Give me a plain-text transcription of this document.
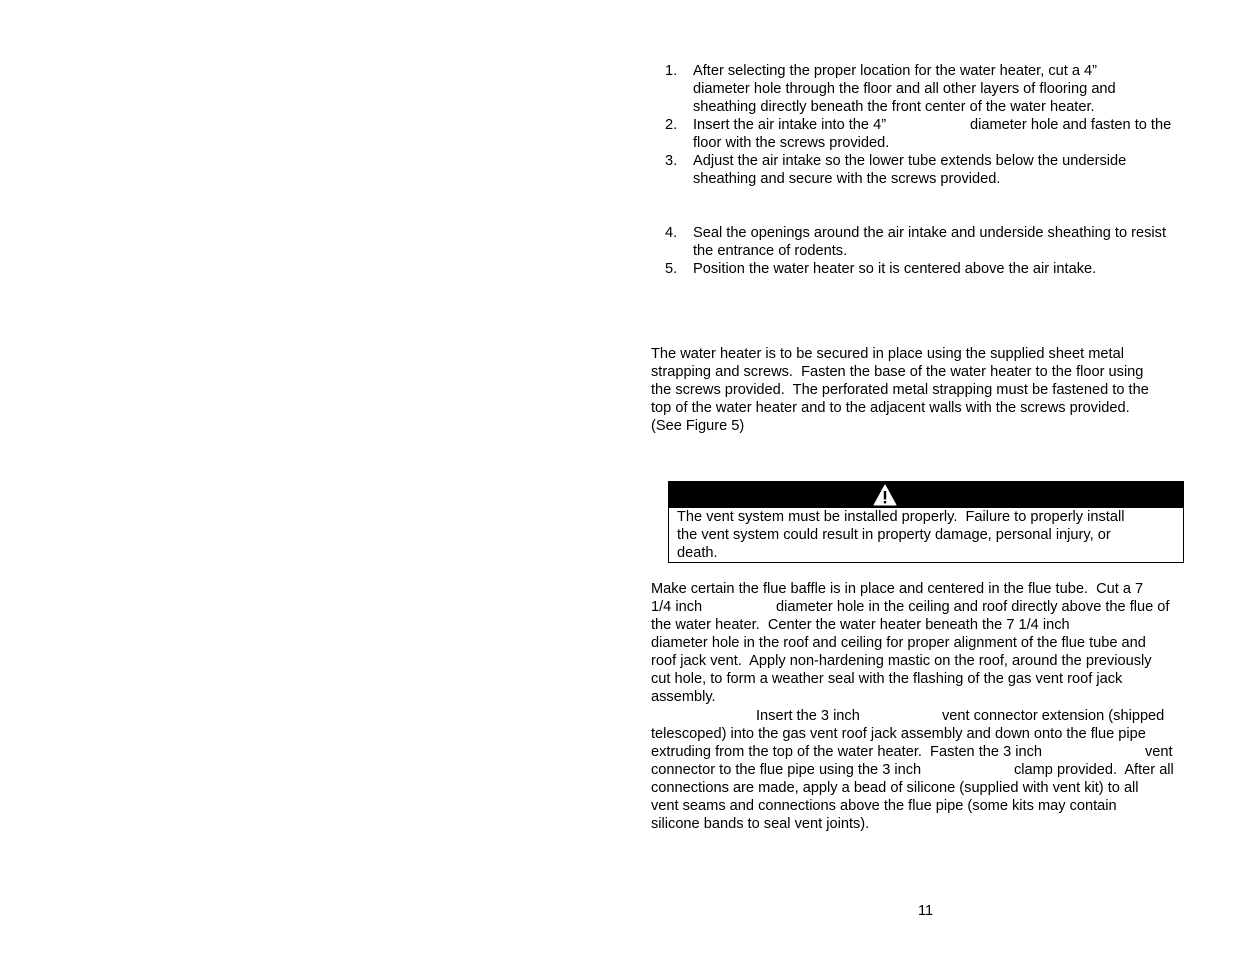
1. After selecting the proper location for the water heater, cut a 4”
diameter hole through the floor and all other layers of flooring and
sheathing directly beneath the front center of the water heater.
2.

Insert the air intake into the 4”

	diameter hole and fasten to the

floor with the screws provided.
3. Adjust the air intake so the lower tube extends below the underside
sheathing and secure with the screws provided.
4. Seal the openings around the air intake and underside sheathing to resist
the entrance of rodents.
5. Position the water heater so it is centered above the air intake.
The water heater is to be secured in place using the supplied sheet metal
strapping and screws.  Fasten the base of the water heater to the floor using
the screws provided.  The perforated metal strapping must be fastened to the
top of the water heater and to the adjacent walls with the screws provided.
(See Figure 5)
The vent system must be installed properly.  Failure to properly install
the vent system could result in property damage, personal injury, or
death.
Make certain the flue baffle is in place and centered in the flue tube.  Cut a 7

1/4 inch

	diameter hole in the ceiling and roof directly above the flue of

the water heater.  Center the water heater beneath the 7 1/4 inch
diameter hole in the roof and ceiling for proper alignment of the flue tube and
roof jack vent.  Apply non-hardening mastic on the roof, around the previously
cut hole, to form a weather seal with the flashing of the gas vent roof jack
assembly.

Insert the 3 inch

	vent connector extension (shipped

telescoped) into the gas vent roof jack assembly and down onto the flue pipe

extruding from the top of the water heater.  Fasten the 3 inch

	vent

connector to the flue pipe using the 3 inch

	clamp provided.  After all

connections are made, apply a bead of silicone (supplied with vent kit) to all
vent seams and connections above the flue pipe (some kits may contain
silicone bands to seal vent joints).
11
